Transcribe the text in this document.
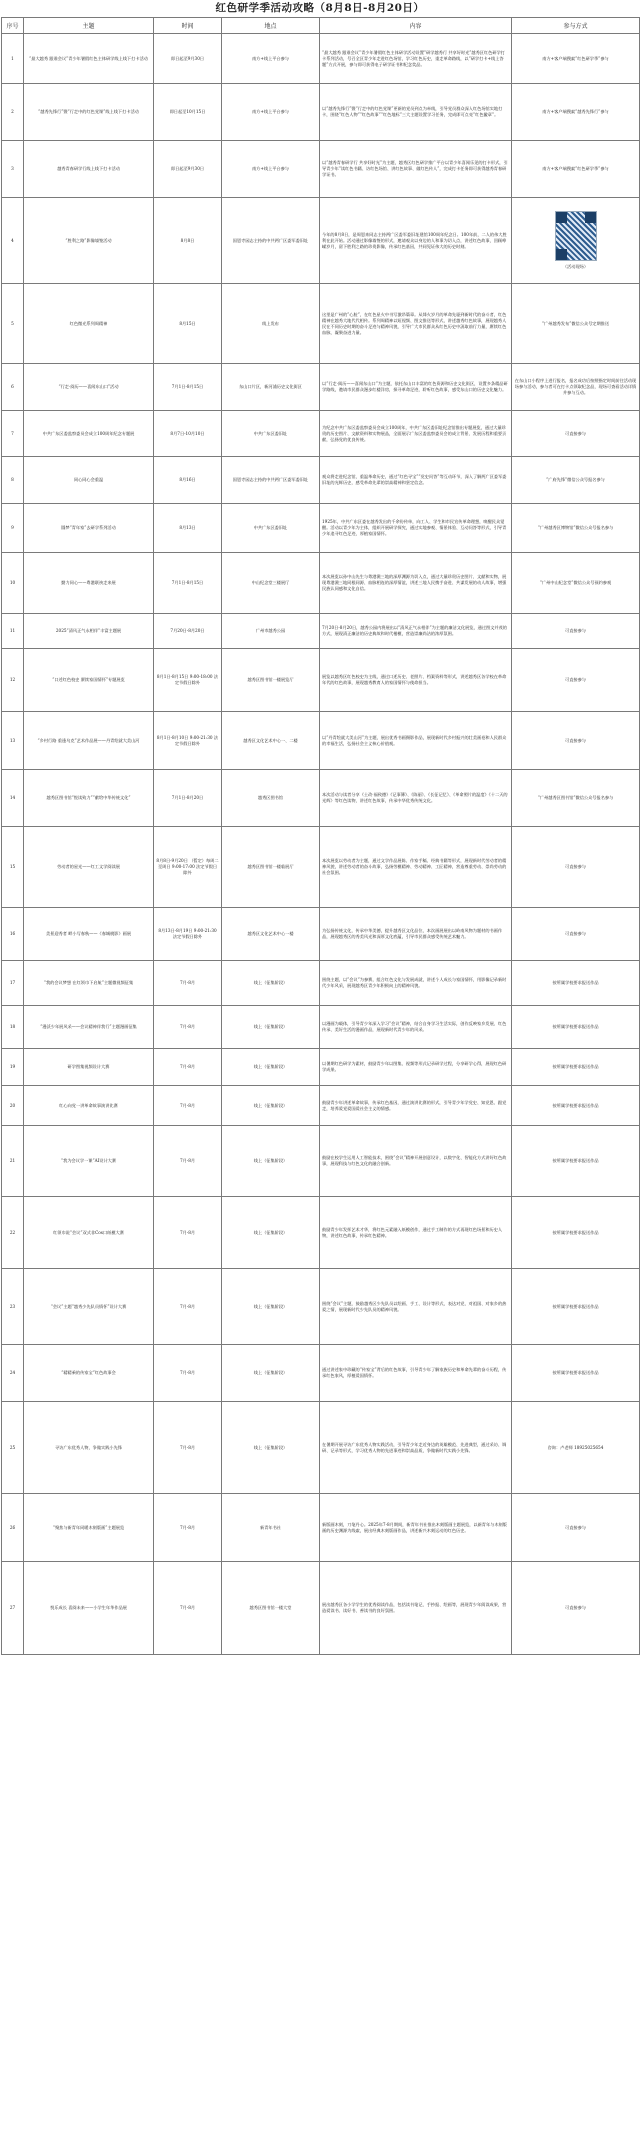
红色研学季活动攻略（8月8日-8月20日）
序号	主题	时间	地点	内容	参与方式
1	“最大越秀 跟谁会议”青少年暑假红色主体研学线上线下打卡活动	即日起至9月30日	南方+线上平台参与	“最大越秀 跟谁会议”青少年暑假红色主体研学活动设置“研学越秀行 共享好时光”越秀区红色研学打卡系列活动，号召全区青少年走进红色场馆，学习红色历史，重走革命路线，以“研学打卡+线上答题”方式开展，参与即可获得电子研学证书和纪念奖品。	南方+客户端搜索“红色研学季”参与
2	“越秀先锋行”暨“行走中的红色党课”线上线下打卡活动	即日起至10月15日	南方+线上平台参与	以“越秀先锋行”暨“行走中的红色党课”更新的党员到点为牵线，引导党员群众深入红色场馆实地打卡，围绕“红色人物”“红色故事”“红色地标”三大主题设置学习任务，完成即可点亮“红色徽章”。	南方+客户端搜索“越秀先锋行”参与
3	越秀青春研学行线上线下打卡活动	即日起至9月30日	南方+线上平台参与	以“越秀青春研学行 共享好时光”为主题，越秀区红色研学推广平台以青少年喜闻乐见的打卡形式，引导青少年“读红色书籍、访红色场馆、讲红色故事、做红色传人”，完成打卡任务即可获得越秀青春研学证书。	南方+客户端搜索“红色研学季”参与
4	“胜利之路”影像墙签活动	8月8日	国恩寺园志主持的中共两广区委军委旧址	今年的8月8日，是周恩来同志主持两广区委军委旧址建馆100周年纪念日。100年前，二人的伟大胜利在此开始。活动通过影像墙签的形式，邀请观众以身边的人和事为切入点，讲述红色故事，回顾峥嵘岁月，留下胜利之路的珍贵影像，传承红色基因，共同见证伟大的历史时刻。	（活动现场）

5	红色微光系列周精神	8月15日	线上发布	这里是广州的“心脏”，在红色星火中书写激昂篇章。从烽火岁月的革命先驱到新时代的奋斗者，红色精神在越秀大地代代相传。系列周精神以短视频、图文推送等形式，讲述越秀红色故事，展现越秀人民在不同历史时期的奋斗足迹与精神风貌，引导广大市民群众从红色历史中汲取前行力量，赓续红色血脉，凝聚奋进力量。	“广州越秀发布”微信公众号定期推送
6	“行走·阅历——喜闻东山口”活动	7月1日-8月15日	东山口片区，新河浦历史文化街区	以“行走·阅历——喜闻东山口”为主题，依托东山口丰富的红色资源和历史文化街区，设置多条精品研学路线，邀请市民群众漫步红楼洋房，探寻革命足迹，聆听红色故事，感受东山口的历史文化魅力。	在东山口小程序上进行报名，报名成功后按照指定时间前往活动现场参与活动，参与者可在打卡点领取纪念品，现场可查看活动详情并参与互动。
7	中共广东区委监察委员会成立100周年纪念专题展	8月7日-10月10日	中共广东区委旧址	为纪念中共广东区委监察委员会成立100周年，中共广东区委旧址纪念馆推出专题展览，通过大量珍贵的历史图片、文献资料和实物展品，全面展示广东区委监察委员会的成立背景、发展历程和重要贡献，弘扬党的优良传统。	可直接参与
8	同心同心会重温	8月16日	国恩寺园志主持的中共两广区委军委旧址	观众将走进纪念馆，重温革命历史，通过“红色寻宝”“党史问答”等互动环节，深入了解两广区委军委旧址的光辉历史，感受革命先辈的崇高精神和坚定信念。	“广府先锋”微信公众号报名参与
9	圆梦“青年家”去研学系列活动	8月13日	中共广东区委旧址	1925年，中共广东区委在越秀发出的千余份传单，向工人、学生和市民宣传革命理想，唤醒民众觉醒。活动以青少年为主体，组织开展研学探究，通过实地参观、情景体验、互动问答等形式，引导青少年追寻红色足迹，厚植家国情怀。	“广州越秀区博物馆”微信公众号报名参与
10	勤力同心——粤港联袂走来展	7月1日-8月15日	中山纪念堂三楼展厅	本次展览以孙中山先生与粤港澳三地的深厚渊源为切入点，通过大量珍贵历史图片、文献和实物，展现粤港澳三地同根同源、血脉相连的深厚情谊，讲述三地人民携手奋进、共谋发展的动人故事，增强民族认同感和文化自信。	“广州中山纪念堂”微信公众号预约参观
11	2025“清风正气永相伴”丰富主题展	7月20日-8月20日	广州市越秀公园	7月20日-8月20日，越秀公园内将展出以“清风正气永相伴”为主题的廉洁文化展览，通过图文并茂的方式，展现清正廉洁的历史典故和时代楷模，营造崇廉尚洁的浓厚氛围。	可直接参与
12	“口述红色校史 赓续家国情怀”专题展览	8月1日-8月15日 9:00-18:00 法定节假日除外	越秀区图书馆一楼展览厅	展览以越秀区红色校史为主线，通过口述历史、老照片、档案资料等形式，讲述越秀区各学校在革命年代的红色故事，展现越秀教育人的家国情怀与使命担当。	可直接参与
13	“乡村行路 重逢乌克”艺术作品展——丹青绘就大美山河	8月1日-8月10日 9:00-21:30 法定节假日除外	越秀区文化艺术中心一、二楼	以“丹青绘就大美山河”为主题，展出优秀书画摄影作品，展现新时代乡村振兴的壮美画卷和人民群众的幸福生活，弘扬社会主义核心价值观。	可直接参与
14	越秀区图书馆“悦读致力”“献给中华传统文化”	7月1日-8月20日	越秀区图书馆	本次活动与读者分享《土改·福致德》《记事簿》、《陈丽》、《长征记忆》、《革命照片的温度》《十二天的光辉》等红色读物，讲述红色故事，传承中华优秀传统文化。	“广州越秀区图书馆”微信公众号报名参与
15	劳动者的星光——红工文学阅读展	8月8日-9月20日 （暂定）每周二至周日 9:00-17:00 法定节假日除外	越秀区图书馆一楼临展厅	本次展览以劳动者为主题，通过文学作品展陈、作家手稿、经典书籍等形式，展现新时代劳动者的精神风貌，讲述劳动者的奋斗故事，弘扬劳模精神、劳动精神、工匠精神，营造尊重劳动、崇尚劳动的社会氛围。	可直接参与
16	美景迎秀者 畔小写春秋——《春城桃影》画展	8月13日-8月19日 9:00-21:30 法定节假日除外	越秀区文化艺术中心一楼	为弘扬传统文化，传承中华美德，提升越秀区文化品位，本次画展展出以岭南风物为题材的书画作品，展现越秀区的秀美风光和深厚文化底蕴，引导市民群众感受传统艺术魅力。	可直接参与
17	“我的会议梦想 在红领巾下启航”主题微视频征集	7月-8月	线上（征集阶段）	围绕主题，以“会议”为参赛，组合红色文化与发展成就，讲述个人成长与家国情怀，用影像记录新时代少年风采，展现越秀区青少年积极向上的精神风貌。	按所属学校要求报送作品
18	“漫沃少年展风采——会议精神伴我行”主题漫画征集	7月-8月	线上（征集阶段）	以漫画为载体，引导青少年深入学习“会议”精神，结合自身学习生活实际，创作反映家乡发展、红色传承、美好生活的漫画作品，展现新时代青少年的风采。	按所属学校要求报送作品
19	研学图集视频设计大赛	7月-8月	线上（征集阶段）	以暑期红色研学为素材，鼓励青少年以图集、视频等形式记录研学过程，分享研学心得，展现红色研学成果。	按所属学校要求报送作品
20	红心向党一讲革命故事演讲比赛	7月-8月	线上（征集阶段）	鼓励青少年讲述革命故事，传承红色基因，通过演讲比赛的形式，引导青少年学党史、知党恩、跟党走，培养爱党爱国爱社会主义的情感。	按所属学校要求报送作品
21	“我为会议学一课”AI设计大赛	7月-8月	线上（征集阶段）	鼓励在校学生运用人工智能技术，围绕“会议”精神开展创意设计，以数字化、智能化方式讲好红色故事，展现科技与红色文化的融合创新。	按所属学校要求报送作品
22	红领巾说“会议”双式非Cos口纸模大赛	7月-8月	线上（征集阶段）	鼓励青少年发挥艺术才华，将红色元素融入纸模创作，通过手工制作的方式再现红色场景和历史人物，讲述红色故事，传承红色精神。	按所属学校要求报送作品
23	“会议”主题“越秀少先队员情怀”设计大赛	7月-8月	线上（征集阶段）	围绕“会议”主题，鼓励越秀区少先队员以绘画、手工、设计等形式，表达对党、对祖国、对家乡的热爱之情，展现新时代少先队员的精神风貌。	按所属学校要求报送作品
24	“精精乘的传家宝”红色故事会	7月-8月	线上（征集阶段）	通过讲述家中珍藏的“传家宝”背后的红色故事，引导青少年了解家族历史和革命先辈的奋斗历程，传承红色家风，厚植爱国情怀。	按所属学校要求报送作品
25	寻访广东优秀人物，争做实践小先锋	7月-8月	线上（征集阶段）	在暑期开展寻访广东优秀人物实践活动，引导青少年走近身边的英雄模范、先进典型，通过采访、调研、记录等形式，学习优秀人物的先进事迹和崇高品质，争做新时代实践小先锋。	咨询：卢老师 18925025654
26	“聚焦与新青年同暖木刻版画”主题展览	7月-8月	新青年书社	新版画木刻，刀笔丹心。2025年7-8月期间，新青年书社推出木刻版画主题展览，以新青年与木刻版画的历史渊源为线索，展出经典木刻版画作品，讲述新兴木刻运动的红色历史。	可直接参与
27	悦乐成长 喜阅未来——小学生年华作品展	7月-8月	越秀区图书馆一楼大堂	展出越秀区各小学学生的优秀阅读作品，包括读书笔记、手抄报、绘画等，展现青少年阅读成果，营造爱读书、读好书、善读书的良好氛围。	可直接参与
